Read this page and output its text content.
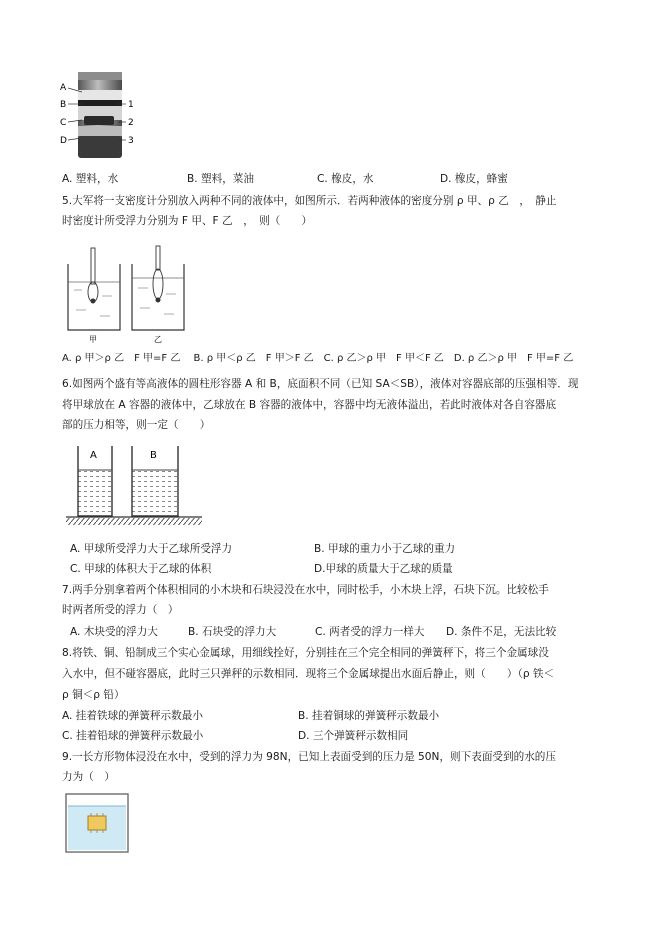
A
B
C
D
1
2
3
A. 塑料，水	B. 塑料，菜油	C. 橡皮，水	D. 橡皮，蜂蜜
5.大军将一支密度计分别放入两种不同的液体中，如图所示．若两种液体的密度分别 ρ 甲、ρ 乙　，　静止
时密度计所受浮力分别为 F 甲、F 乙　，　则（　　）
甲	乙
A. ρ 甲＞ρ 乙　F 甲=F 乙　 B. ρ 甲＜ρ 乙　F 甲＞F 乙　C. ρ 乙＞ρ 甲　F 甲＜F 乙　D. ρ 乙＞ρ 甲　F 甲=F 乙
6.如图两个盛有等高液体的圆柱形容器 A 和 B，底面积不同（已知 SA＜SB），液体对容器底部的压强相等．现
将甲球放在 A 容器的液体中，乙球放在 B 容器的液体中，容器中均无液体溢出，若此时液体对各自容器底
部的压力相等，则一定（　　）
A	B
A. 甲球所受浮力大于乙球所受浮力	B. 甲球的重力小于乙球的重力
C. 甲球的体积大于乙球的体积	D.甲球的质量大于乙球的质量
7.两手分别拿着两个体积相同的小木块和石块浸没在水中，同时松手，小木块上浮，石块下沉。比较松手
时两者所受的浮力（　）
A. 木块受的浮力大	B. 石块受的浮力大	C. 两者受的浮力一样大 D. 条件不足，无法比较
8.将铁、铜、铅制成三个实心金属球，用细线拴好，分别挂在三个完全相同的弹簧秤下，将三个金属球没
入水中，但不碰容器底，此时三只弹秤的示数相同．现将三个金属球提出水面后静止，则（　　）（ρ 铁＜
ρ 铜＜ρ 铅）
A. 挂着铁球的弹簧秤示数最小	B. 挂着铜球的弹簧秤示数最小
C. 挂着铅球的弹簧秤示数最小	D. 三个弹簧秤示数相同
9.一长方形物体浸没在水中，受到的浮力为 98N，已知上表面受到的压力是 50N，则下表面受到的水的压
力为（　）
